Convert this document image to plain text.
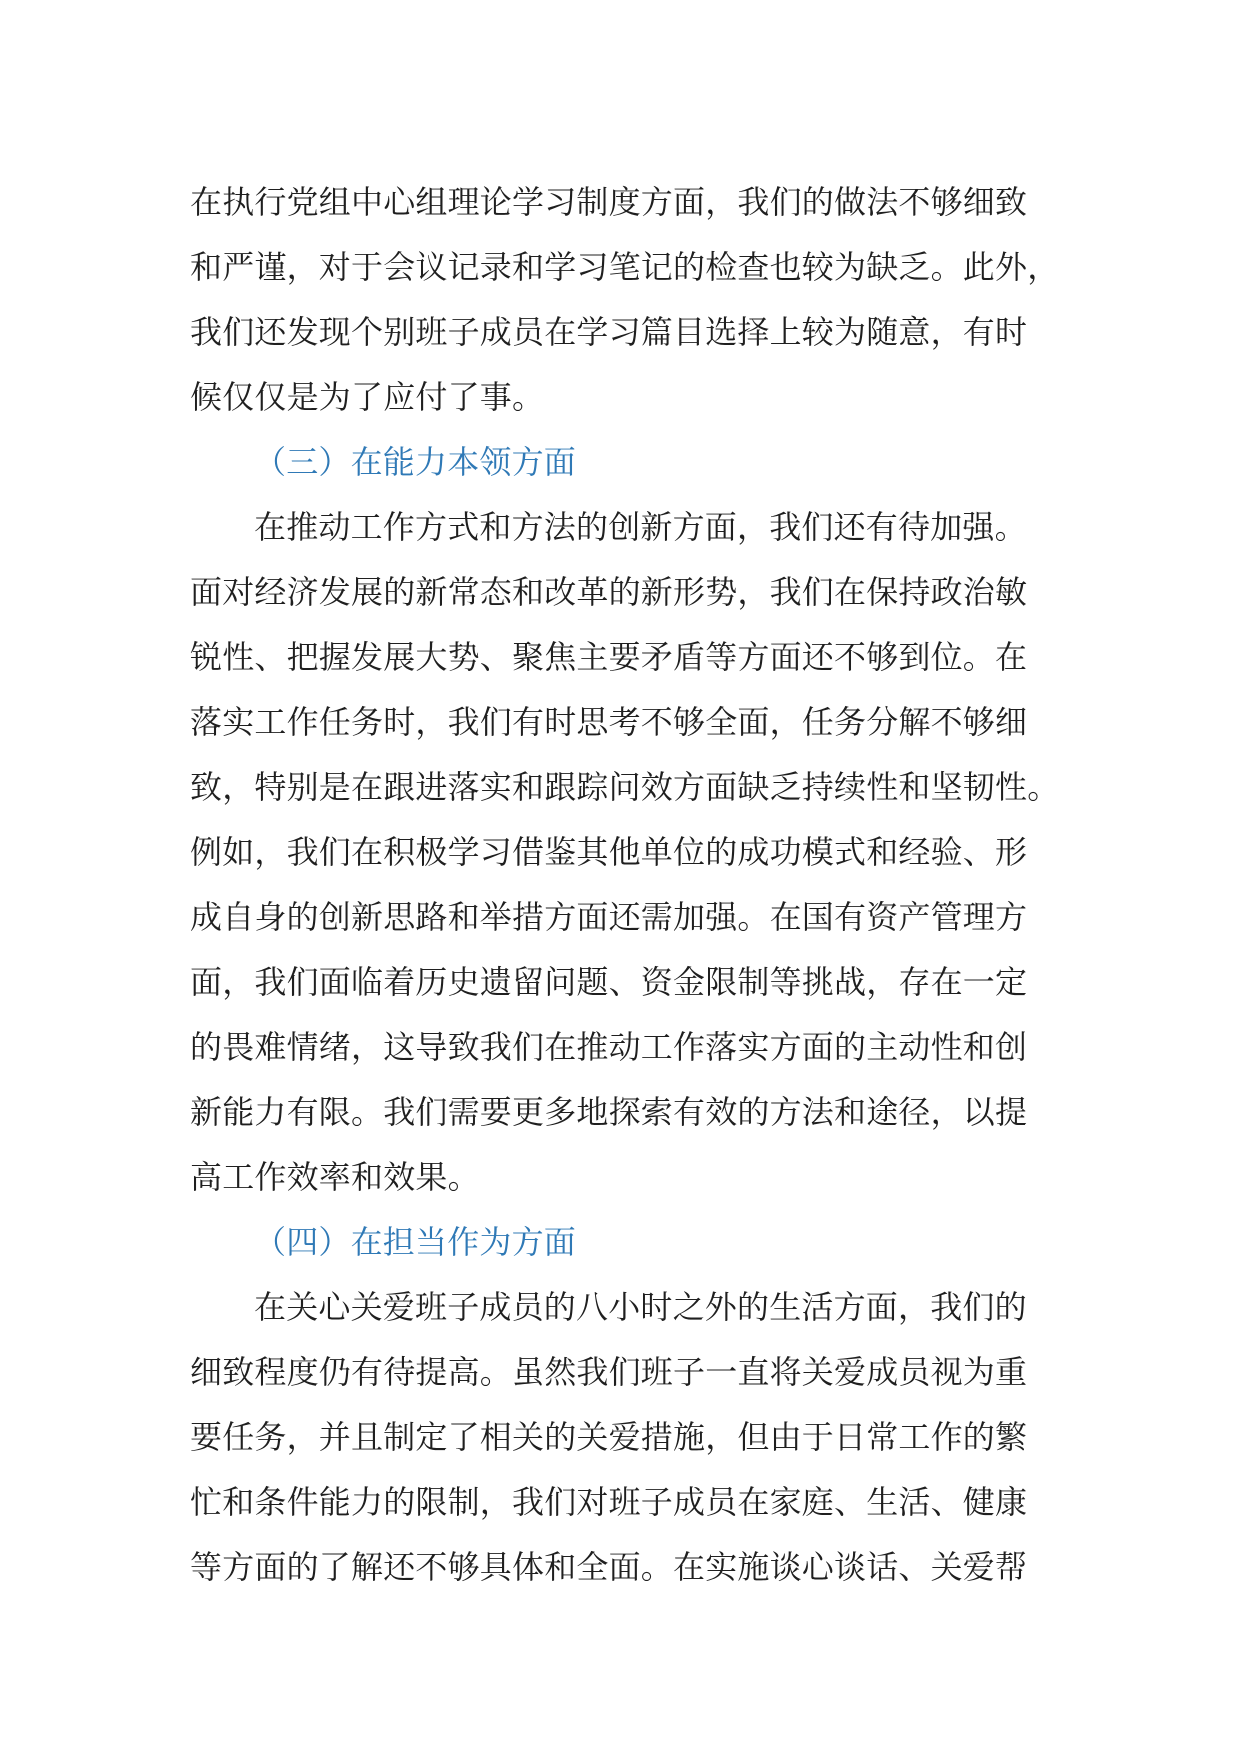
在执行党组中心组理论学习制度方面，我们的做法不够细致
和严谨，对于会议记录和学习笔记的检查也较为缺乏。此外，
我们还发现个别班子成员在学习篇目选择上较为随意，有时
候仅仅是为了应付了事。
（三）在能力本领方面
在推动工作方式和方法的创新方面，我们还有待加强。
面对经济发展的新常态和改革的新形势，我们在保持政治敏
锐性、把握发展大势、聚焦主要矛盾等方面还不够到位。在
落实工作任务时，我们有时思考不够全面，任务分解不够细
致，特别是在跟进落实和跟踪问效方面缺乏持续性和坚韧性。
例如，我们在积极学习借鉴其他单位的成功模式和经验、形
成自身的创新思路和举措方面还需加强。在国有资产管理方
面，我们面临着历史遗留问题、资金限制等挑战，存在一定
的畏难情绪，这导致我们在推动工作落实方面的主动性和创
新能力有限。我们需要更多地探索有效的方法和途径，以提
高工作效率和效果。
（四）在担当作为方面
在关心关爱班子成员的八小时之外的生活方面，我们的
细致程度仍有待提高。虽然我们班子一直将关爱成员视为重
要任务，并且制定了相关的关爱措施，但由于日常工作的繁
忙和条件能力的限制，我们对班子成员在家庭、生活、健康
等方面的了解还不够具体和全面。在实施谈心谈话、关爱帮
